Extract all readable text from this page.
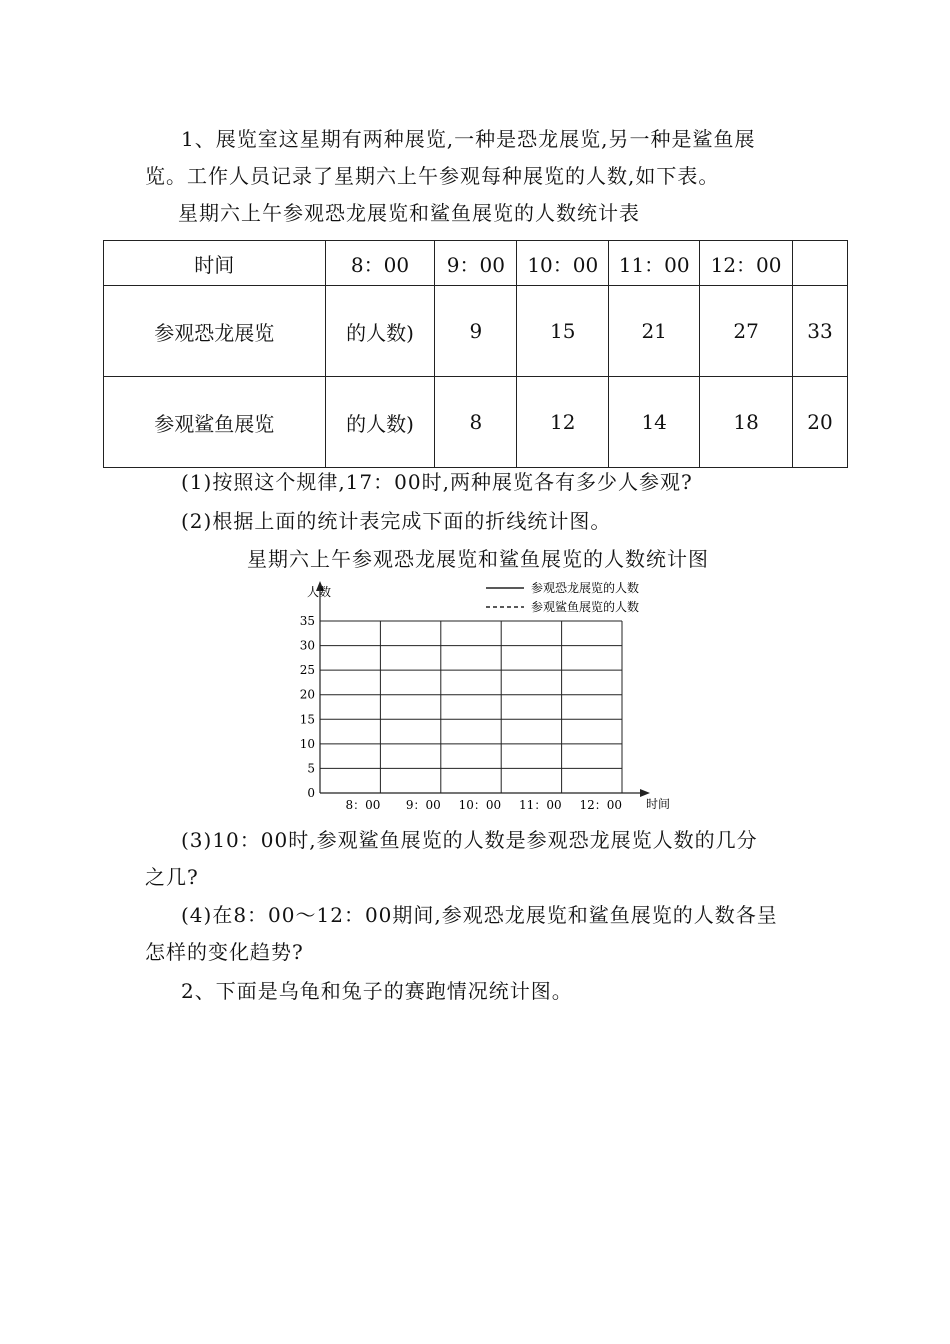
1、展览室这星期有两种展览,一种是恐龙展览,另一种是鲨鱼展
览。工作人员记录了星期六上午参观每种展览的人数,如下表。
星期六上午参观恐龙展览和鲨鱼展览的人数统计表
时间	8：00	9：00	10：00	11：00	12：00	
参观恐龙展览	的人数)	9	15	21	27	33
参观鲨鱼展览	的人数)	8	12	14	18	20
(1)按照这个规律,17：00时,两种展览各有多少人参观?
(2)根据上面的统计表完成下面的折线统计图。
星期六上午参观恐龙展览和鲨鱼展览的人数统计图
0
5
10
15
20
25
30
35
8：00 9：00 10：00 11：00 12：00
人数
时间
参观恐龙展览的人数
参观鲨鱼展览的人数
(3)10：00时,参观鲨鱼展览的人数是参观恐龙展览人数的几分
之几?
(4)在8：00～12：00期间,参观恐龙展览和鲨鱼展览的人数各呈
怎样的变化趋势?
2、下面是乌龟和兔子的赛跑情况统计图。
